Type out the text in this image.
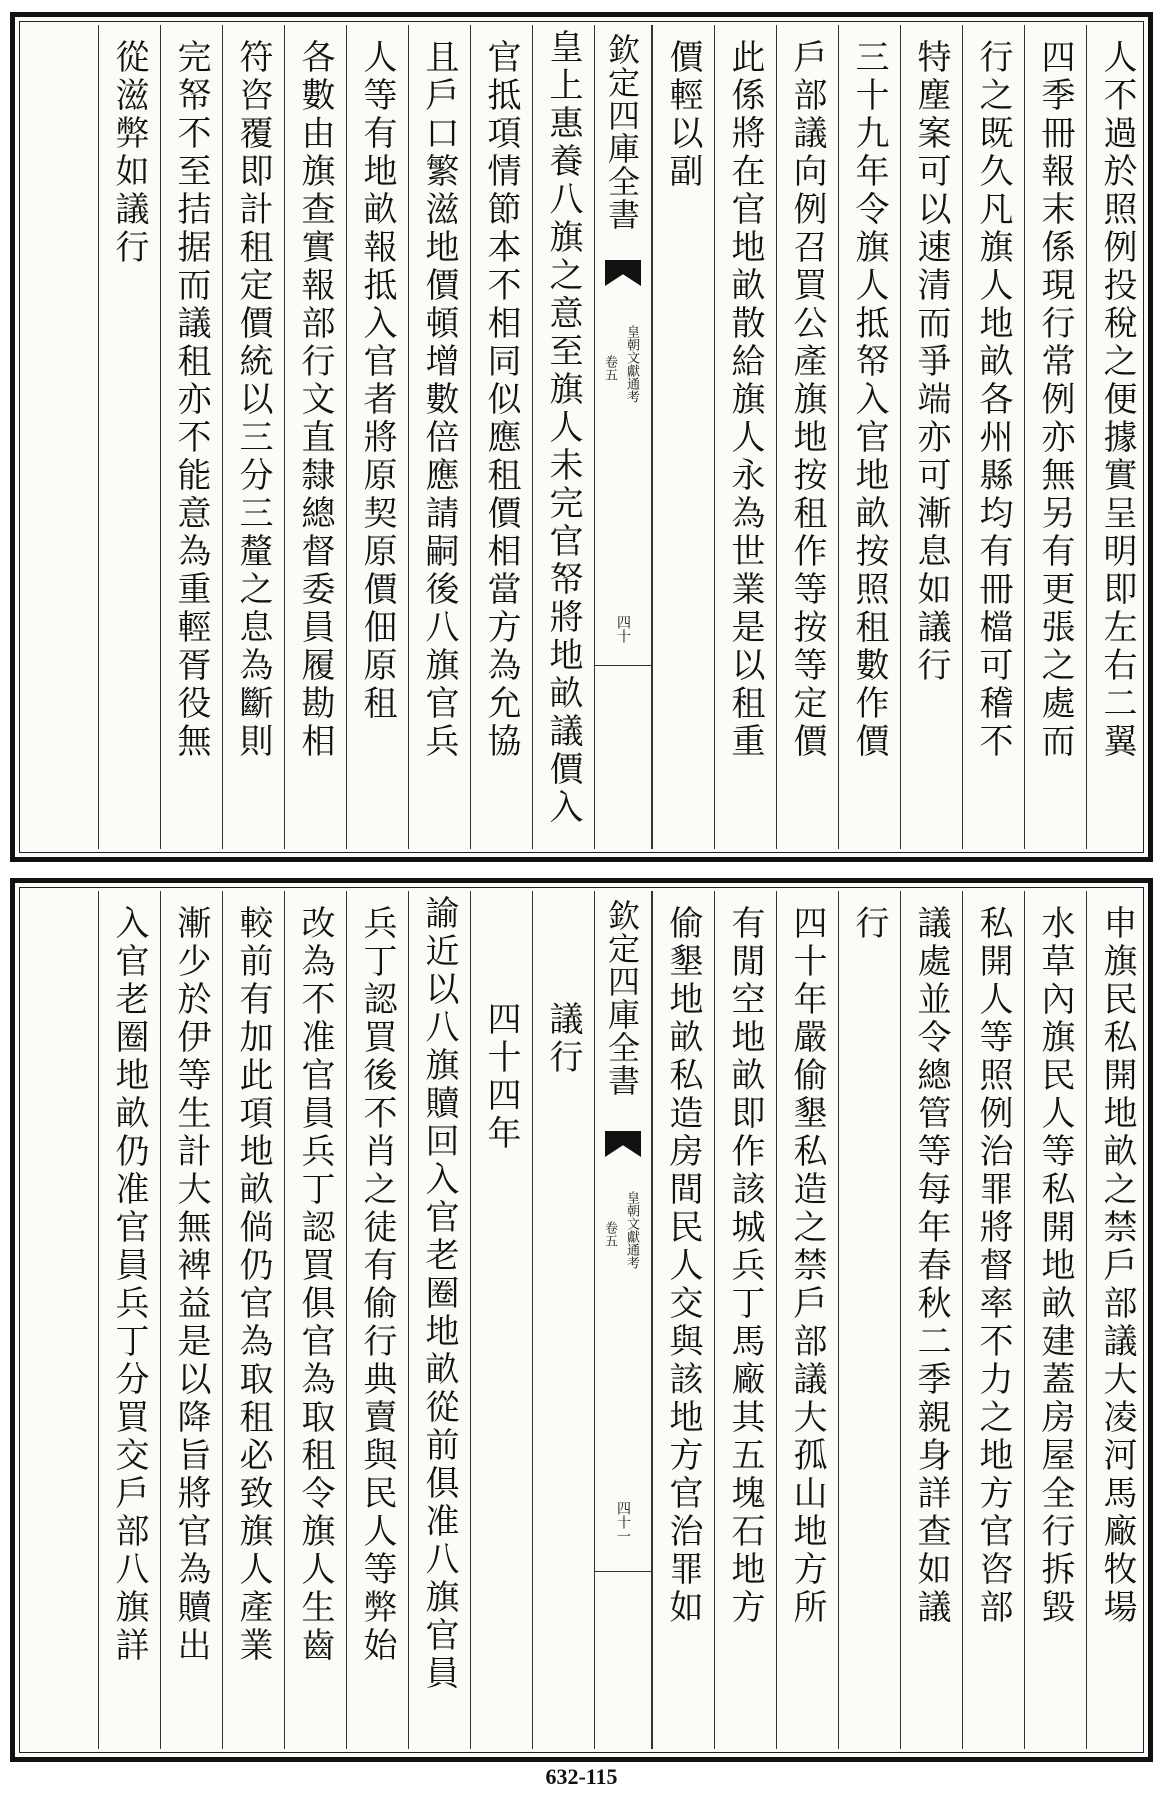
人不過於照例投稅之便據實呈明即左右二翼
四季冊報末係現行常例亦無另有更張之處而
行之既久凡旗人地畝各州縣均有冊檔可稽不
特塵案可以速清而爭端亦可漸息如議行
三十九年令旗人抵帑入官地畝按照租數作價
戶部議向例召買公產旗地按租作等按等定價
此係將在官地畝散給旗人永為世業是以租重
價輕以副
欽定四庫全書
皇朝文獻通考
卷五
四十
皇上惠養八旗之意至旗人未完官帑將地畝議價入
官抵項情節本不相同似應租價相當方為允協
且戶口繁滋地價頓增數倍應請嗣後八旗官兵
人等有地畝報抵入官者將原契原價佃原租
各數由旗查實報部行文直隸總督委員履勘相
符咨覆即計租定價統以三分三釐之息為斷則
完帑不至拮据而議租亦不能意為重輕胥役無
從滋弊如議行
申旗民私開地畝之禁戶部議大凌河馬廠牧場
水草內旗民人等私開地畝建蓋房屋全行拆毀
私開人等照例治罪將督率不力之地方官咨部
議處並令總管等每年春秋二季親身詳查如議
行
四十年嚴偷墾私造之禁戶部議大孤山地方所
有閒空地畝即作該城兵丁馬廠其五塊石地方
偷墾地畝私造房間民人交與該地方官治罪如
欽定四庫全書
皇朝文獻通考
卷五
四十一
議行
四十四年
諭近以八旗贖回入官老圈地畝從前俱准八旗官員
兵丁認買後不肖之徒有偷行典賣與民人等弊始
改為不准官員兵丁認買俱官為取租令旗人生齒
較前有加此項地畝倘仍官為取租必致旗人產業
漸少於伊等生計大無裨益是以降旨將官為贖出
入官老圈地畝仍准官員兵丁分買交戶部八旗詳
632-115
